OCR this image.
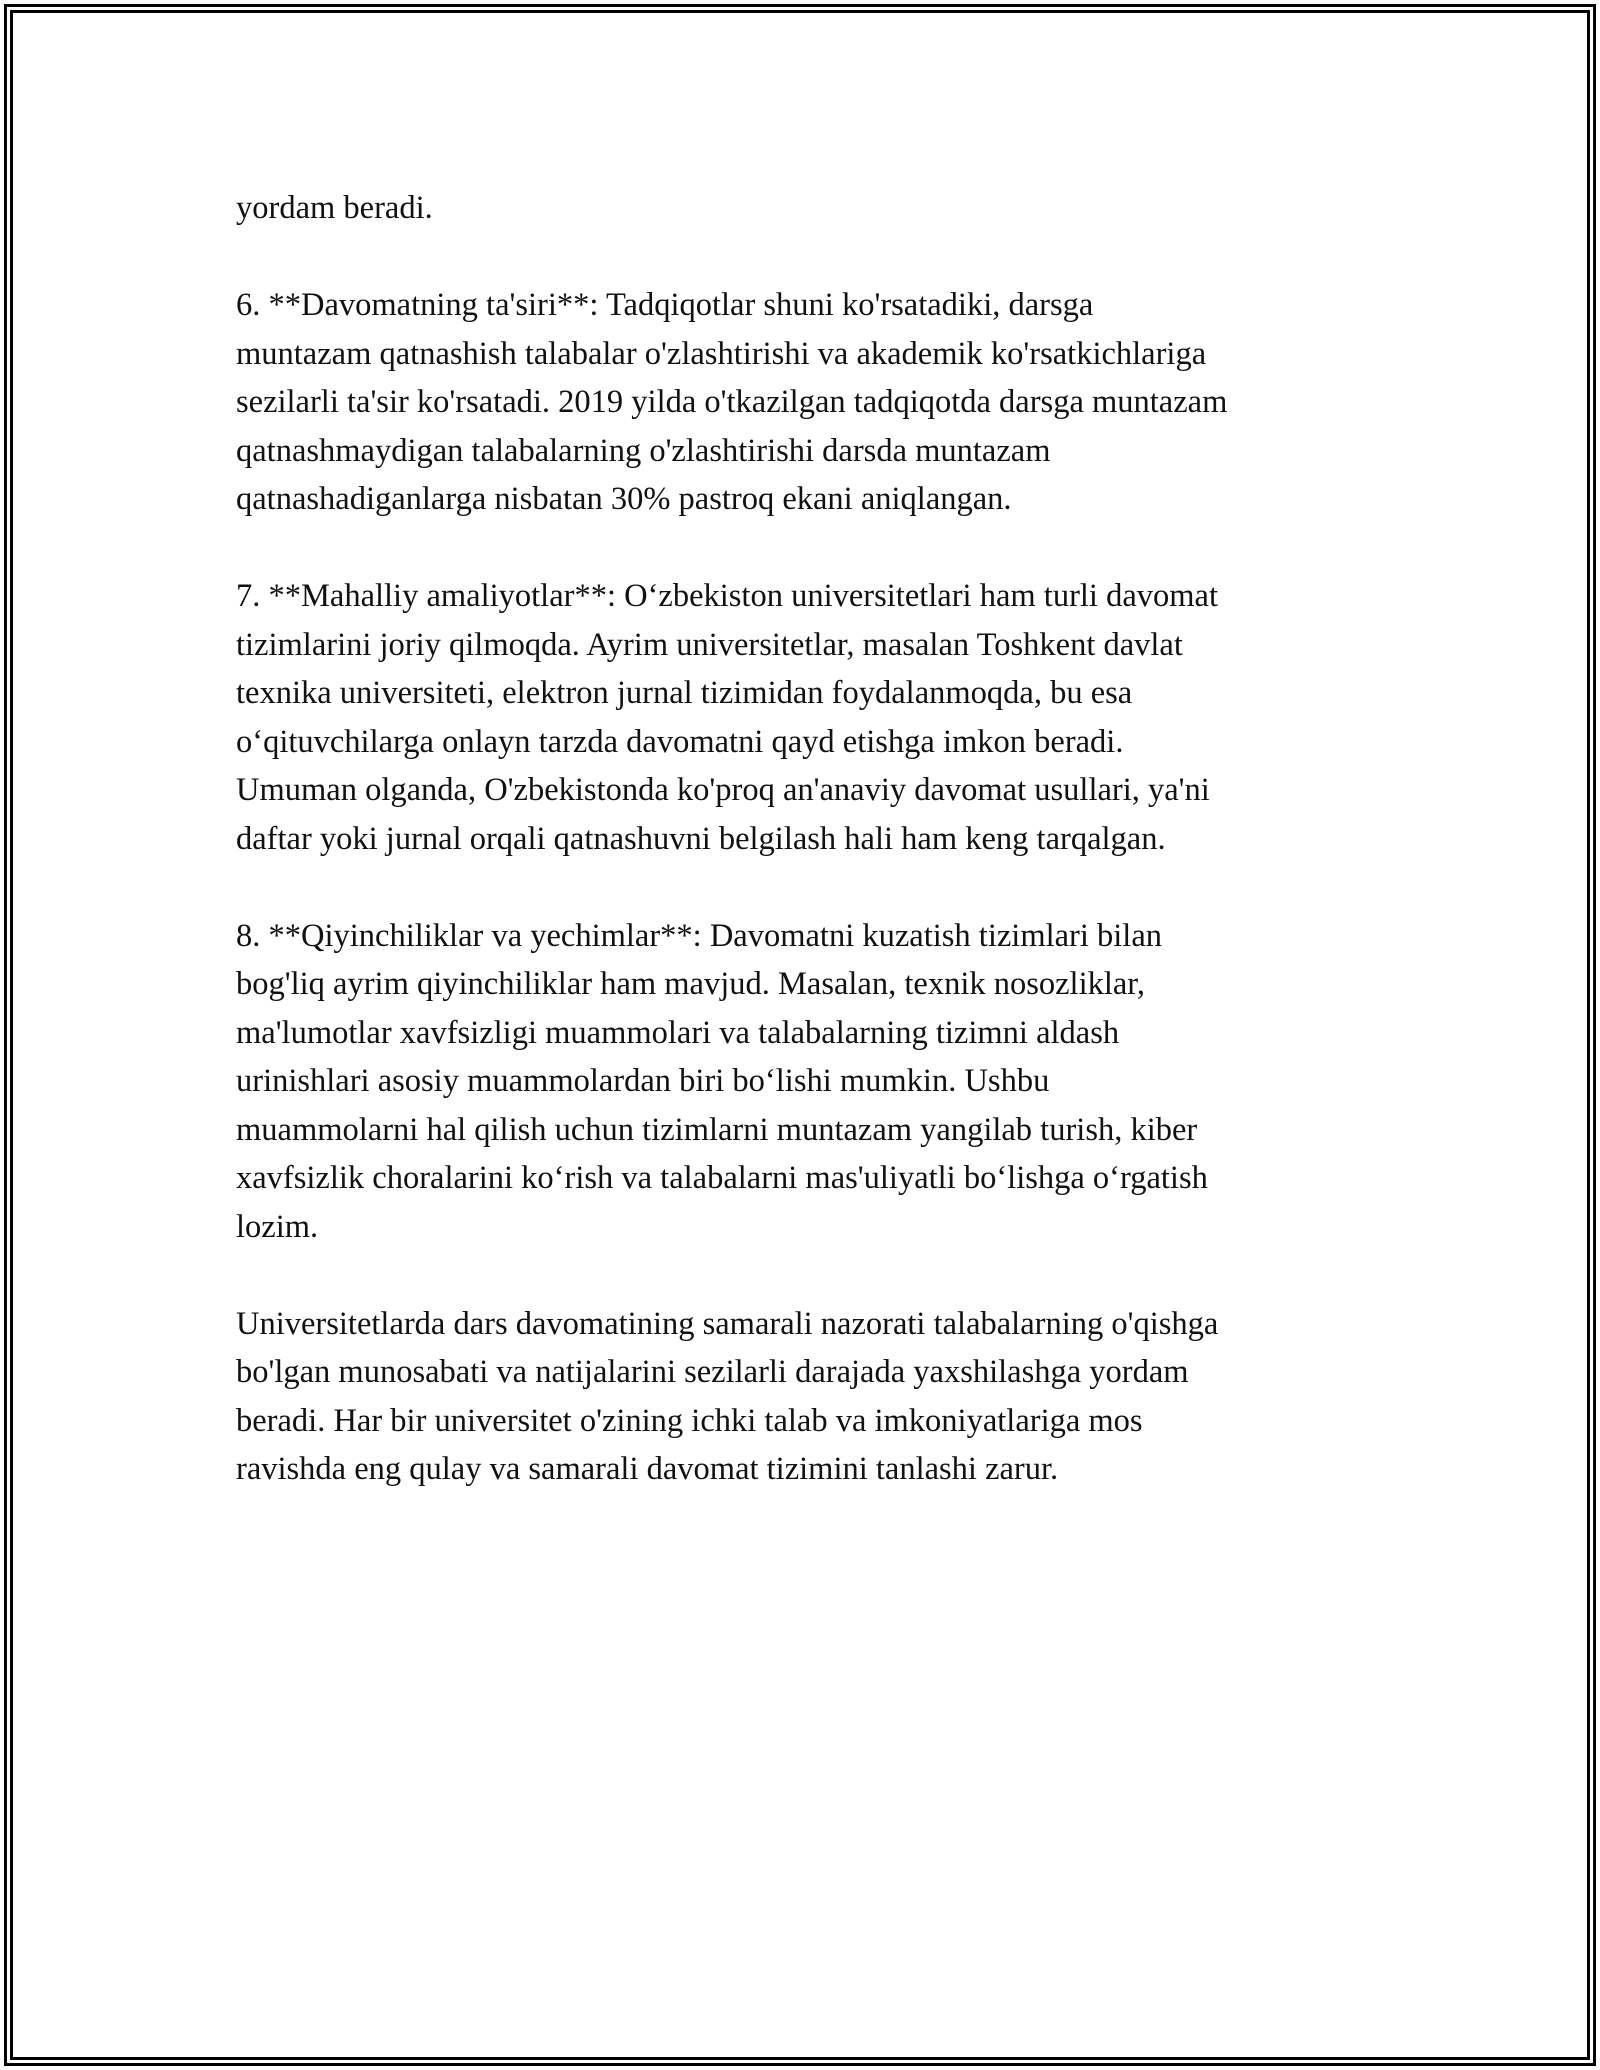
yordam beradi.

6. **Davomatning ta'siri**: Tadqiqotlar shuni ko'rsatadiki, darsga
muntazam qatnashish talabalar o'zlashtirishi va akademik ko'rsatkichlariga
sezilarli ta'sir ko'rsatadi. 2019 yilda o'tkazilgan tadqiqotda darsga muntazam
qatnashmaydigan talabalarning o'zlashtirishi darsda muntazam
qatnashadiganlarga nisbatan 30% pastroq ekani aniqlangan.

7. **Mahalliy amaliyotlar**: O‘zbekiston universitetlari ham turli davomat
tizimlarini joriy qilmoqda. Ayrim universitetlar, masalan Toshkent davlat
texnika universiteti, elektron jurnal tizimidan foydalanmoqda, bu esa
o‘qituvchilarga onlayn tarzda davomatni qayd etishga imkon beradi.
Umuman olganda, O'zbekistonda ko'proq an'anaviy davomat usullari, ya'ni
daftar yoki jurnal orqali qatnashuvni belgilash hali ham keng tarqalgan.

8. **Qiyinchiliklar va yechimlar**: Davomatni kuzatish tizimlari bilan
bog'liq ayrim qiyinchiliklar ham mavjud. Masalan, texnik nosozliklar,
ma'lumotlar xavfsizligi muammolari va talabalarning tizimni aldash
urinishlari asosiy muammolardan biri bo‘lishi mumkin. Ushbu
muammolarni hal qilish uchun tizimlarni muntazam yangilab turish, kiber
xavfsizlik choralarini ko‘rish va talabalarni mas'uliyatli bo‘lishga o‘rgatish
lozim.

Universitetlarda dars davomatining samarali nazorati talabalarning o'qishga
bo'lgan munosabati va natijalarini sezilarli darajada yaxshilashga yordam
beradi. Har bir universitet o'zining ichki talab va imkoniyatlariga mos
ravishda eng qulay va samarali davomat tizimini tanlashi zarur.
